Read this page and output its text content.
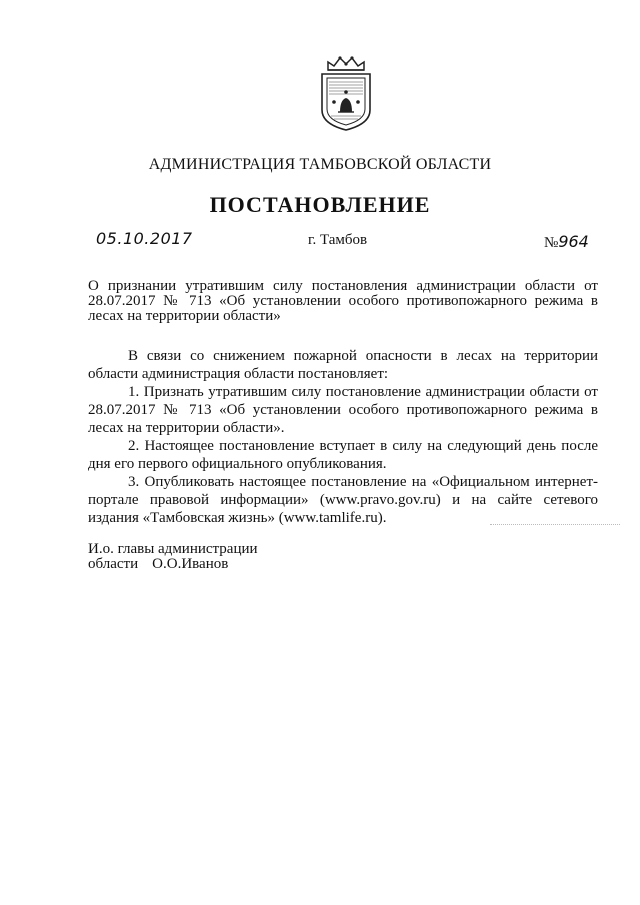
АДМИНИСТРАЦИЯ ТАМБОВСКОЙ ОБЛАСТИ
ПОСТАНОВЛЕНИЕ
05.10.2017	г. Тамбов	№964
О признании утратившим силу постановления администрации области от 28.07.2017 № 713 «Об установлении особого противопожарного режима в лесах на территории области»

В связи со снижением пожарной опасности в лесах на территории области администрация области постановляет:

1. Признать утратившим силу постановление администрации области от 28.07.2017 № 713 «Об установлении особого противопожарного режима в лесах на территории области».

2. Настоящее постановление вступает в силу на следующий день после дня его первого официального опубликования.

3. Опубликовать настоящее постановление на «Официальном интернет-портале правовой информации» (www.pravo.gov.ru) и на сайте сетевого издания «Тамбовская жизнь» (www.tamlife.ru).

И.о. главы администрации
области О.О.Иванов
